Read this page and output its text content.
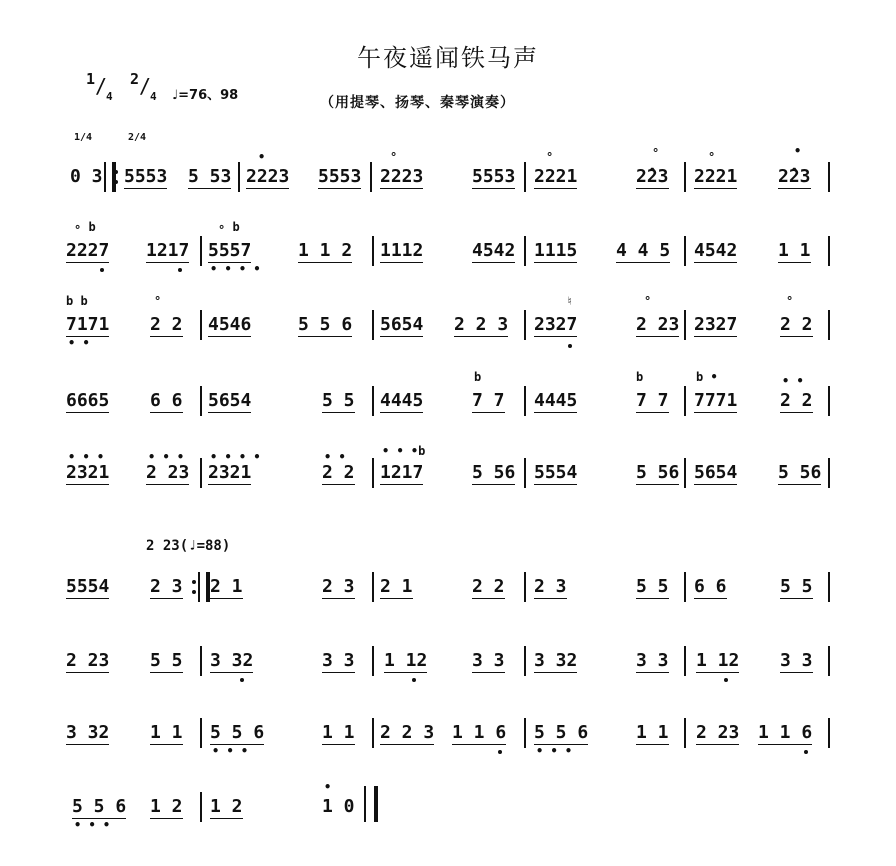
午夜遥闻铁马声
（用提琴、扬琴、秦琴演奏）
1 /
4
2 /
4 ♩=76、98
1/4	2/4
0 3 5553 5 53
•
2223 5553
°
2223	5553
°
2221
°
2̂23
°
2221
•
2̂23
∘ b
2227 1217
∘ b
5557
• • • •
1 1 2 1112	4542 1115 4 4 5 4542 1 1
b b
7171
• •
°
2 2 4546	5 5 6 5654 2 2 3
♮
2327
°
2 23 2327
°
2 2
6665 6 6 5654	5 5 4445
b
7 7 4445
b
7 7
b •
7771
• •
2 2
• • •
2321
• • •
2 23
• • • •
2321
• •
2 2
• • •b
1217	5 56 5554	5 56 5654 5 56
2 23(♩=88)
5554 2 3 2 1	2 3 2 1	2 2 2 3	5 5 6 6	5 5
2 23 5 5 3 32	3 3 1 12 3 3 3 32	3 3 1 12 3 3
3 32 1 1 5 5 6
• • •
1 1 2 2 3 1 1 6 5 5 6
• • •
1 1 2 23 1 1 6
5 5 6
• • •
1 2 1 2
•
1 0
